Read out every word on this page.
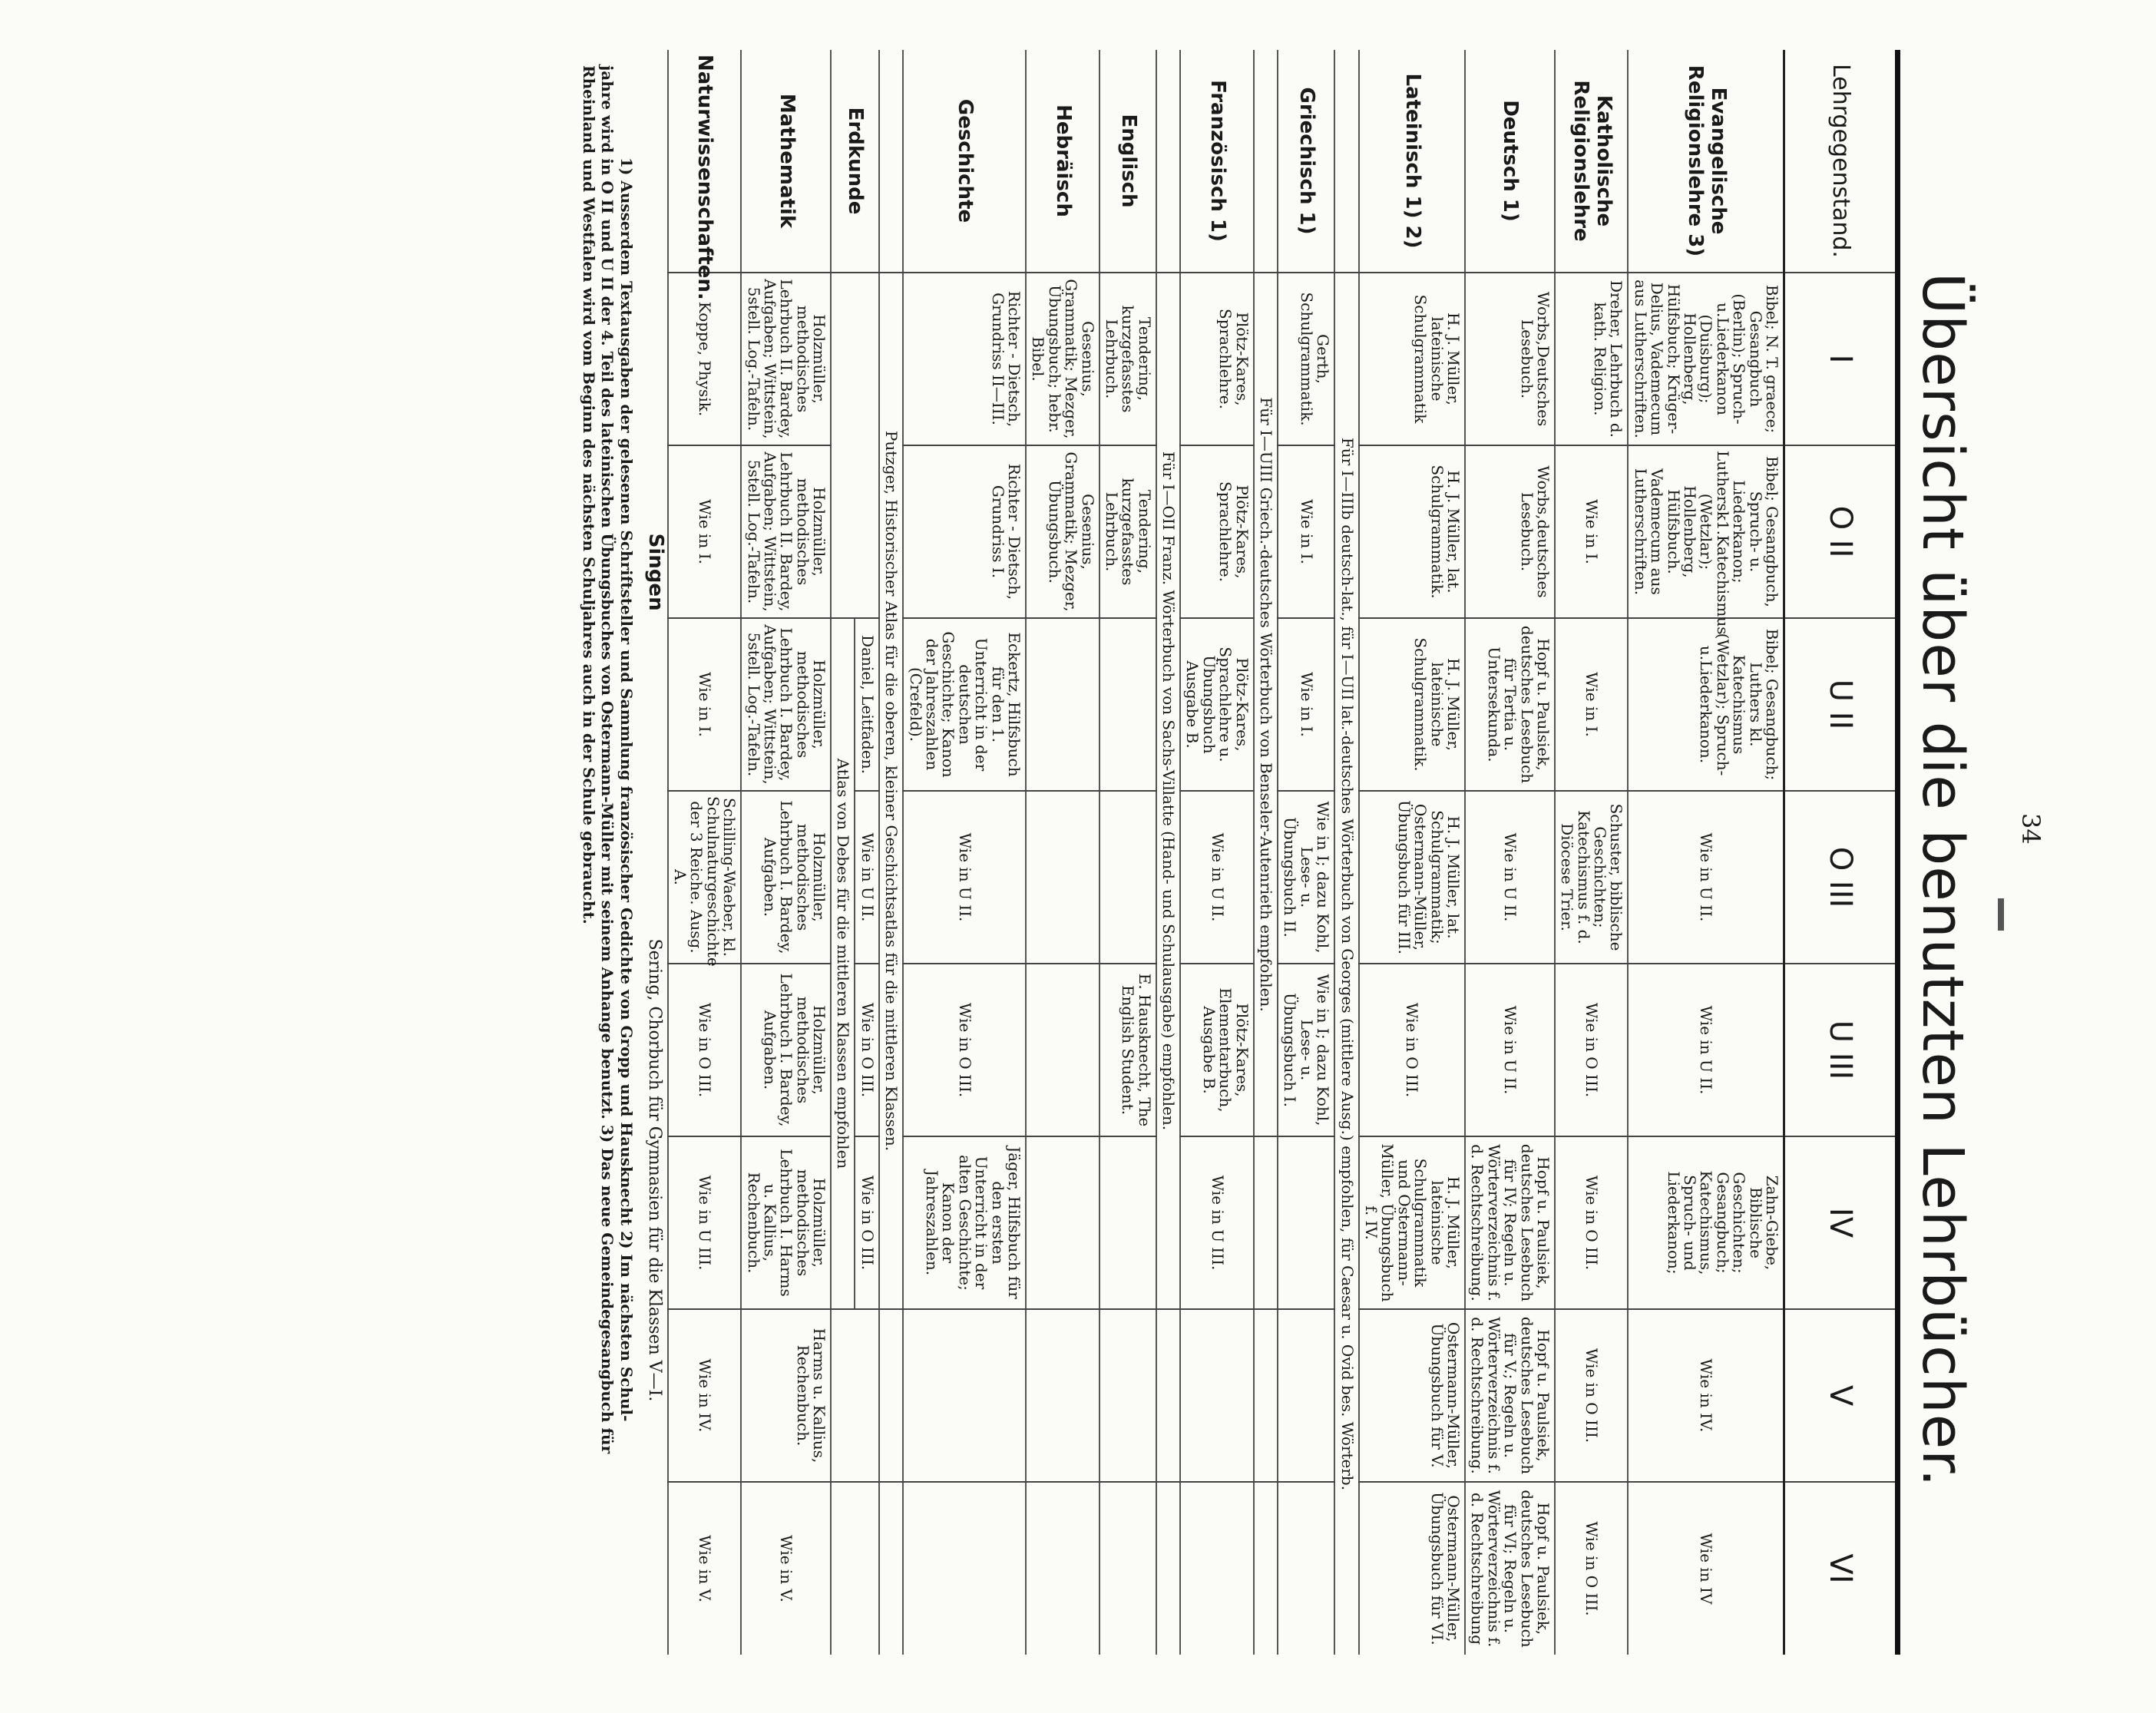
34
Übersicht über die benutzten Lehrbücher.
Lehrgegenstand.	I	O II	U II	O III	U III	IV	V	VI
Evangelische Religionslehre 3)	Bibel; N. T. graece; Gesangbuch (Berlin); Spruch-u.Liederkanon (Duisburg); Hollenberg, Hülfsbuch; Krüger-Delius, Vademecum aus Lutherschriften.	Bibel; Gesangbuch, Spruch- u. Liederkanon; Luthersk1.Katechismus (Wetzlar); Hollenberg, Hülfsbuch. Vademecum aus Lutherschriften.	Bibel; Gesangbuch; Luthers kl. Katechismus (Wetzlar); Spruch-u.Liederkanon.	Wie in U II.	Wie in U II.	Zahn-Giebe, Biblische Geschichten; Gesangbuch; Katechismus, Spruch- und Liederkanon;	Wie in IV.	Wie in IV
Katholische Religionslehre	Dreher, Lehrbuch d. kath. Religion.	Wie in I.	Wie in I.	Schuster, biblische Geschichten; Katechismus f. d. Diöcese Trier.	Wie in O III.	Wie in O III.	Wie in O III.	Wie in O III.
Deutsch 1)	Worbs,Deutsches Lesebuch.	Worbs,deutsches Lesebuch.	Hopf u. Paulsiek, deutsches Lesebuch für Tertia u. Untersekunda.	Wie in U II.	Wie in U II.	Hopf u. Paulsiek, deutsches Lesebuch für IV; Regeln u. Wörterverzeichnis f. d. Rechtschreibung.	Hopf u. Paulsiek, deutsches Lesebuch für V.; Regeln u. Wörterverzeichnis f. d. Rechtschreibung.	Hopf u. Paulsiek, deutsches Lesebuch für VI; Regeln u. Wörterverzeichnis f. d. Rechtschreibung
Lateinisch 1) 2)	H. J. Müller, lateinische Schulgrammatik	H. J. Müller, lat. Schulgrammatik.	H. J. Müller, lateinische Schulgrammatik.	H. J. Müller, lat. Schulgrammatik; Ostermann-Müller, Übungsbuch für III.	Wie in O III.	H. J. Müller, lateinische Schulgrammatik und Ostermann-Müller, Übungsbuch f. IV.	Ostermann-Müller, Übungsbuch für V.	Ostermann-Müller, Übungsbuch für VI.
	Für I—IIIb deutsch-lat., für I—UII lat.-deutsches Wörterbuch von Georges (mittlere Ausg.) empfohlen, für Caesar u. Ovid bes. Wörterb.							
Griechisch 1)	Gerth, Schulgrammatik.	Wie in I.	Wie in I.	Wie in I; dazu Kohl, Lese- u. Übungsbuch II.	Wie in I; dazu Kohl, Lese- u. Übungsbuch I.			
	Für I—UIII Griech.-deutsches Wörterbuch von Benseler-Autenrieth empfohlen.							
Französisch 1)	Plötz-Kares, Sprachlehre.	Plötz-Kares, Sprachlehre.	Plötz-Kares, Sprachlehre u. Übungsbuch Ausgabe B.	Wie in U II.	Plötz-Kares, Elementarbuch, Ausgabe B.	Wie in U III.		
	Für I—OII Franz. Wörterbuch von Sachs-Villatte (Hand- und Schulausgabe) empfohlen.							
Englisch	Tendering, kurzgefasstes Lehrbuch.	Tendering, kurzgefasstes Lehrbuch.			E. Hausknecht, The English Student.			
Hebräisch	Gesenius, Grammatik; Mezger, Übungsbuch; hebr. Bibel.	Gesenius, Grammatik; Mezger, Übungsbuch.						
Geschichte	Richter - Dietsch, Grundriss II—III.	Richter - Dietsch, Grundriss I.	Eckertz, Hilfsbuch für den 1. Unterricht in der deutschen Geschichte; Kanon der Jahreszahlen (Crefeld).	Wie in U II.	Wie in O III.	Jäger, Hilfsbuch für den ersten Unterricht in der alten Geschichte; Kanon der Jahreszahlen.		
	Putzger, Historischer Atlas für die oberen, kleiner Geschichtsatlas für die mittleren Klassen.							
Erdkunde			Daniel, Leitfaden.	Wie in U II.	Wie in O III.	Wie in O III.		
			Atlas von Debes für die mittleren Klassen empfohlen					
Mathematik	Holzmüller, methodisches Lehrbuch II. Bardey, Aufgaben; Wittstein, 5stell. Log.-Tafeln.	Holzmüller, methodisches Lehrbuch II. Bardey, Aufgaben; Wittstein, 5stell. Log.-Tafeln.	Holzmüller, methodisches Lehrbuch I. Bardey, Aufgaben; Wittstein, 5stell. Log.-Tafeln.	Holzmüller, methodisches Lehrbuch I. Bardey, Aufgaben.	Holzmüller, methodisches Lehrbuch I. Bardey, Aufgaben.	Holzmüller, methodisches Lehrbuch I. Harms u. Kallius, Rechenbuch.	Harms u. Kallius, Rechenbuch.	Wie in V.
Naturwissenschaften.	Koppe, Physik.	Wie in I.	Wie in I.	Schilling-Waeber, kl. Schulnaturgeschichte der 3 Reiche. Ausg. A.	Wie in O III.	Wie in U III.	Wie in IV.	Wie in V.
Singen Sering, Chorbuch für Gymnasien für die Klassen V—I.

1) Ausserdem Textausgaben der gelesenen Schriftsteller und Sammlung französischer Gedichte von Gropp und Hausknecht 2) Im nächsten Schul-

jahre wird in O II und U II der 4. Teil des lateinischen Übungsbuches von Ostermann-Müller mit seinem Anhange benutzt. 3) Das neue Gemeindegesangbuch für

Rheinland und Westfalen wird vom Beginn des nächsten Schuljahres auch in der Schule gebraucht.
